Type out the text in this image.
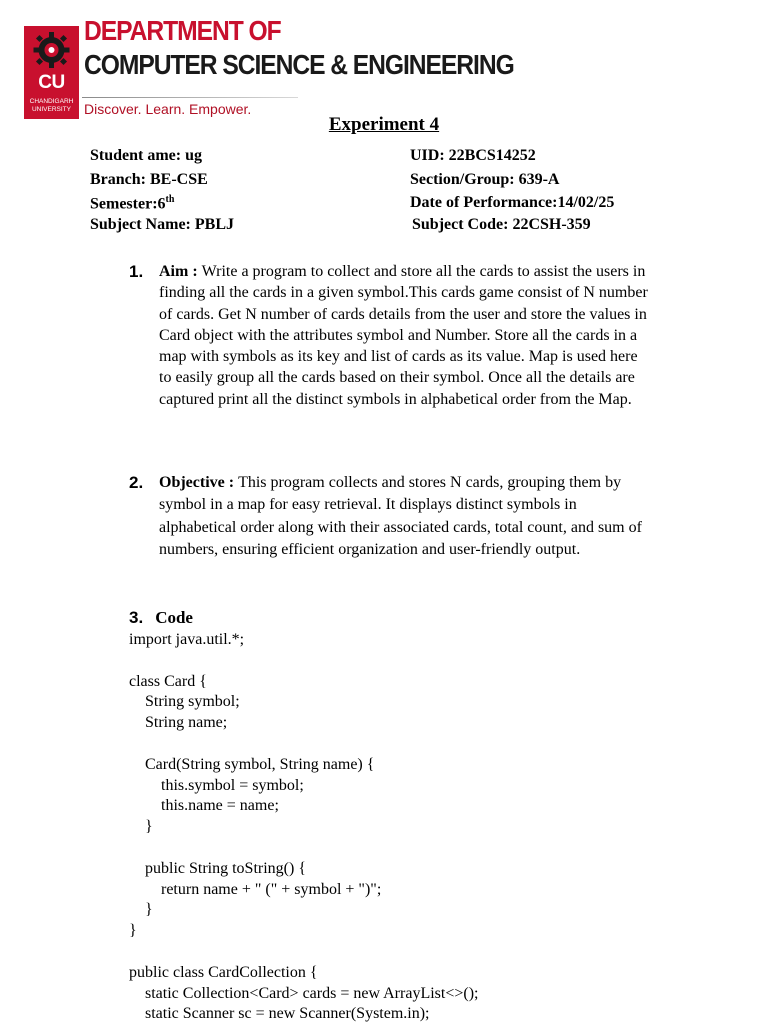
CU
CHANDIGARH UNIVERSITY
DEPARTMENT OF
COMPUTER SCIENCE & ENGINEERING
Discover. Learn. Empower.
Experiment 4
Student ame: ug	UID: 22BCS14252
Branch: BE-CSE	Section/Group: 639-A
Semester:6th	Date of Performance:14/02/25
Subject Name: PBLJ	Subject Code: 22CSH-359
1. Aim : Write a program to collect and store all the cards to assist the users in finding all the cards in a given symbol.This cards game consist of N number of cards. Get N number of cards details from the user and store the values in Card object with the attributes symbol and Number. Store all the cards in a map with symbols as its key and list of cards as its value. Map is used here to easily group all the cards based on their symbol. Once all the details are captured print all the distinct symbols in alphabetical order from the Map.
2. Objective : This program collects and stores N cards, grouping them by symbol in a map for easy retrieval. It displays distinct symbols in alphabetical order along with their associated cards, total count, and sum of numbers, ensuring efficient organization and user-friendly output.
3. Code
import java.util.*;
class Card {
String symbol;
String name;
Card(String symbol, String name) {
this.symbol = symbol;
this.name = name;
}
public String toString() {
return name + " (" + symbol + ")";
}
}
public class CardCollection {
static Collection<Card> cards = new ArrayList<>();
static Scanner sc = new Scanner(System.in);
